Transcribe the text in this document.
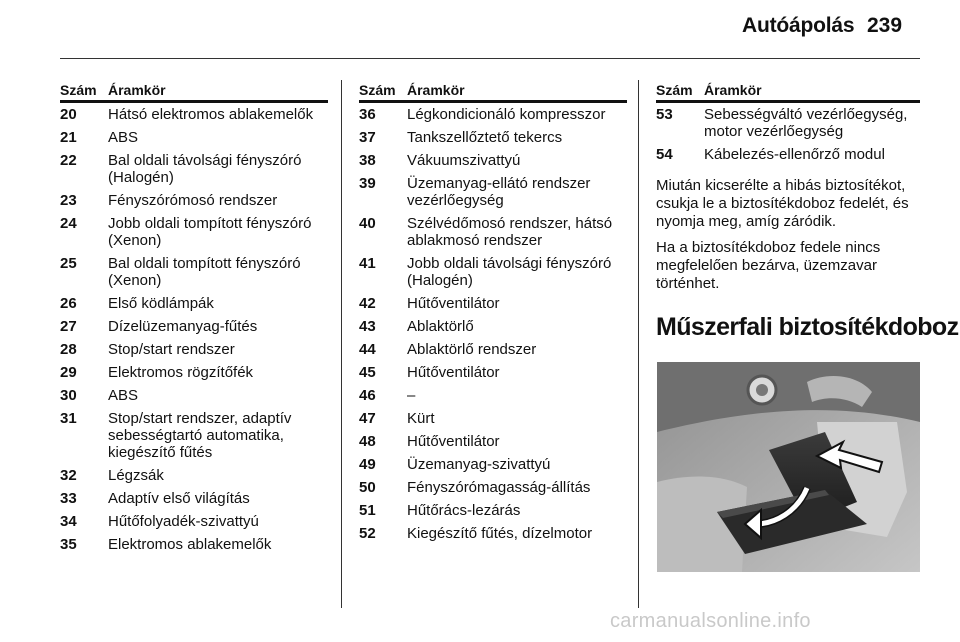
Autóápolás 239
Szám Áramkör
20	Hátsó elektromos ablakemelők
21	ABS
22	Bal oldali távolsági fényszóró (Halogén)
23	Fényszórómosó rendszer
24	Jobb oldali tompított fényszóró (Xenon)
25	Bal oldali tompított fényszóró (Xenon)
26	Első ködlámpák
27	Dízelüzemanyag-fűtés
28	Stop/start rendszer
29	Elektromos rögzítőfék
30	ABS
31	Stop/start rendszer, adaptív sebességtartó automatika, kiegészítő fűtés
32	Légzsák
33	Adaptív első világítás
34	Hűtőfolyadék-szivattyú
35	Elektromos ablakemelők
Szám Áramkör
36	Légkondicionáló kompresszor
37	Tankszellőztető tekercs
38	Vákuumszivattyú
39	Üzemanyag-ellátó rendszer vezérlőegység
40	Szélvédőmosó rendszer, hátsó ablakmosó rendszer
41	Jobb oldali távolsági fényszóró (Halogén)
42	Hűtőventilátor
43	Ablaktörlő
44	Ablaktörlő rendszer
45	Hűtőventilátor
46	–
47	Kürt
48	Hűtőventilátor
49	Üzemanyag-szivattyú
50	Fényszórómagasság-állítás
51	Hűtőrács-lezárás
52	Kiegészítő fűtés, dízelmotor
Szám Áramkör
53	Sebességváltó vezérlőegység, motor vezérlőegység
54	Kábelezés-ellenőrző modul

Miután kicserélte a hibás biztosítékot, csukja le a biztosítékdoboz fedelét, és nyomja meg, amíg záródik.

Ha a biztosítékdoboz fedele nincs megfelelően bezárva, üzemzavar történhet.

Műszerfali biztosítékdoboz
carmanualsonline.info
